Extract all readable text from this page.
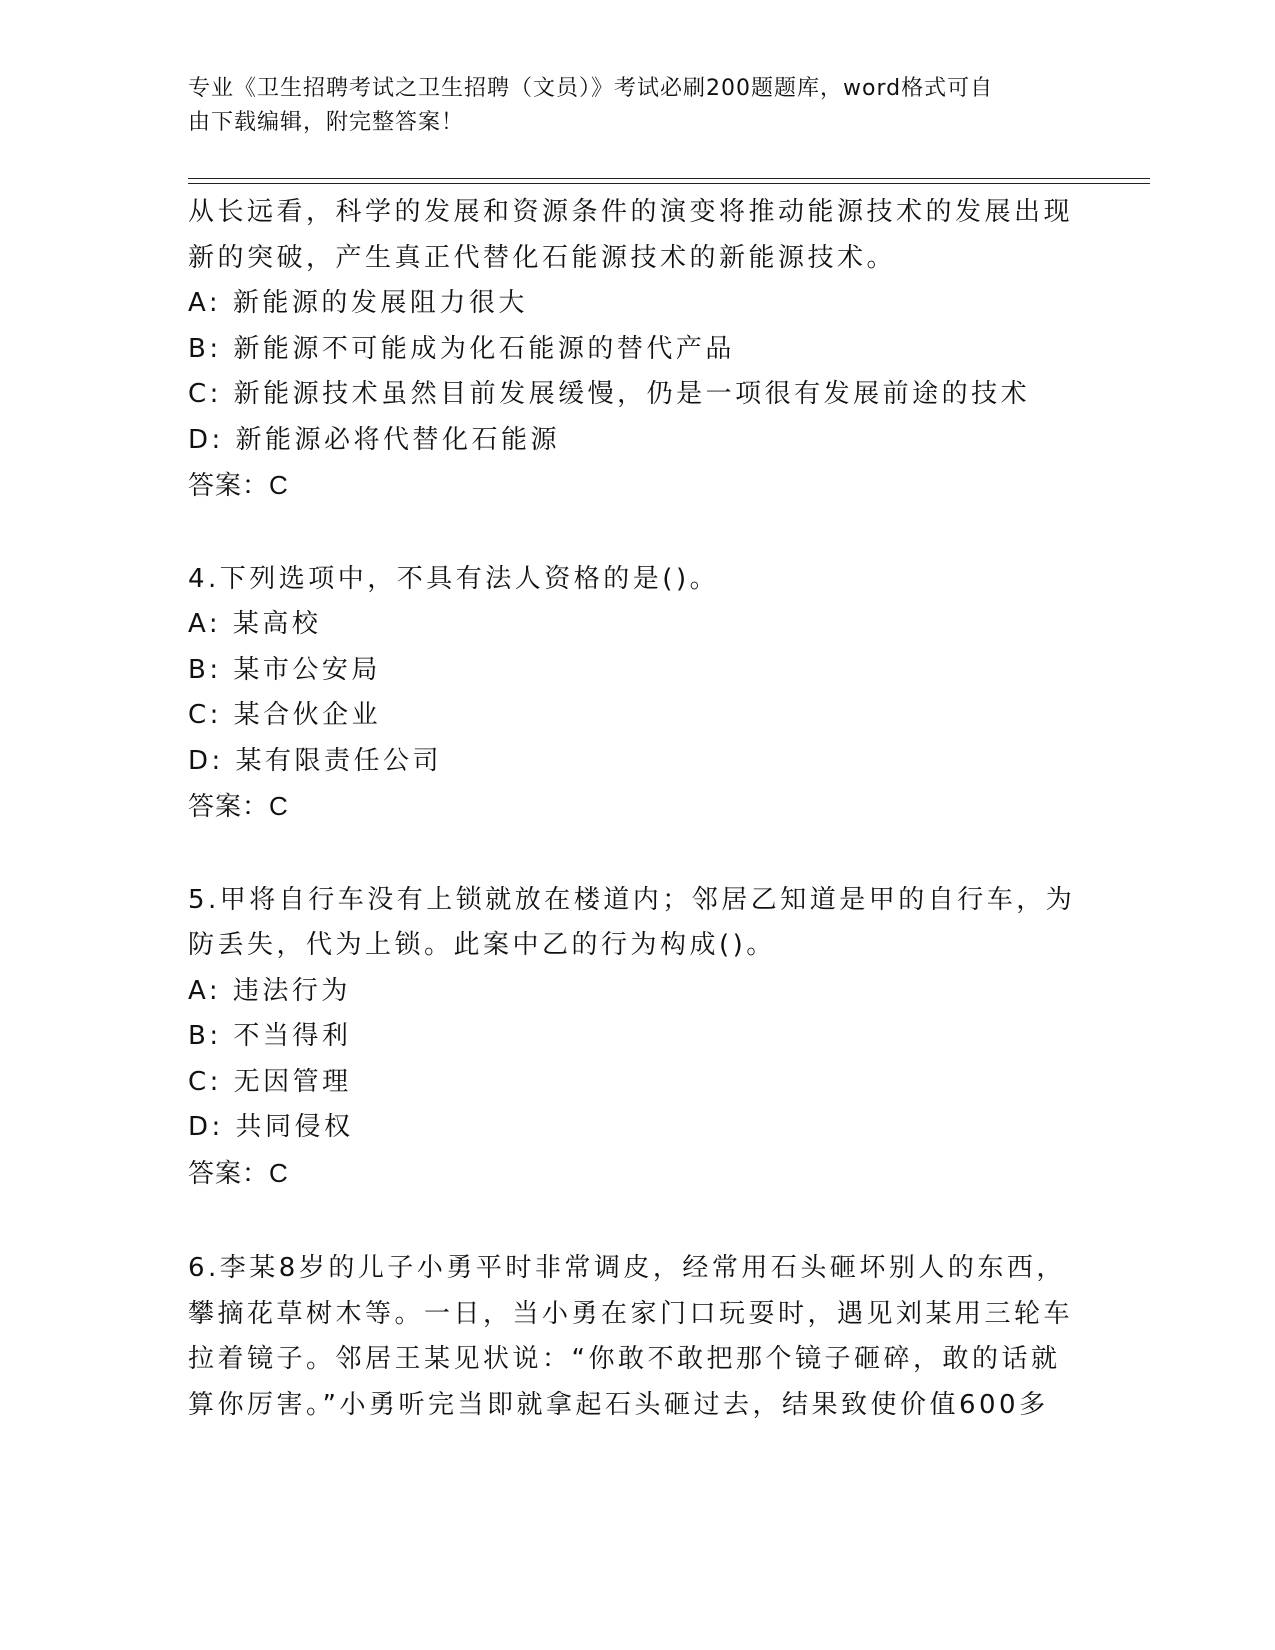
专业《卫生招聘考试之卫生招聘（文员）》考试必刷200题题库，word格式可自
由下载编辑，附完整答案！
从长远看，科学的发展和资源条件的演变将推动能源技术的发展出现
新的突破，产生真正代替化石能源技术的新能源技术。
A: 新能源的发展阻力很大
B: 新能源不可能成为化石能源的替代产品
C: 新能源技术虽然目前发展缓慢，仍是一项很有发展前途的技术
D: 新能源必将代替化石能源
答案：C
4.下列选项中，不具有法人资格的是()。
A: 某高校
B: 某市公安局
C: 某合伙企业
D: 某有限责任公司
答案：C
5.甲将自行车没有上锁就放在楼道内；邻居乙知道是甲的自行车，为
防丢失，代为上锁。此案中乙的行为构成()。
A: 违法行为
B: 不当得利
C: 无因管理
D: 共同侵权
答案：C
6.李某8岁的儿子小勇平时非常调皮，经常用石头砸坏别人的东西，
攀摘花草树木等。一日，当小勇在家门口玩耍时，遇见刘某用三轮车
拉着镜子。邻居王某见状说：“你敢不敢把那个镜子砸碎，敢的话就
算你厉害。”小勇听完当即就拿起石头砸过去，结果致使价值600多
